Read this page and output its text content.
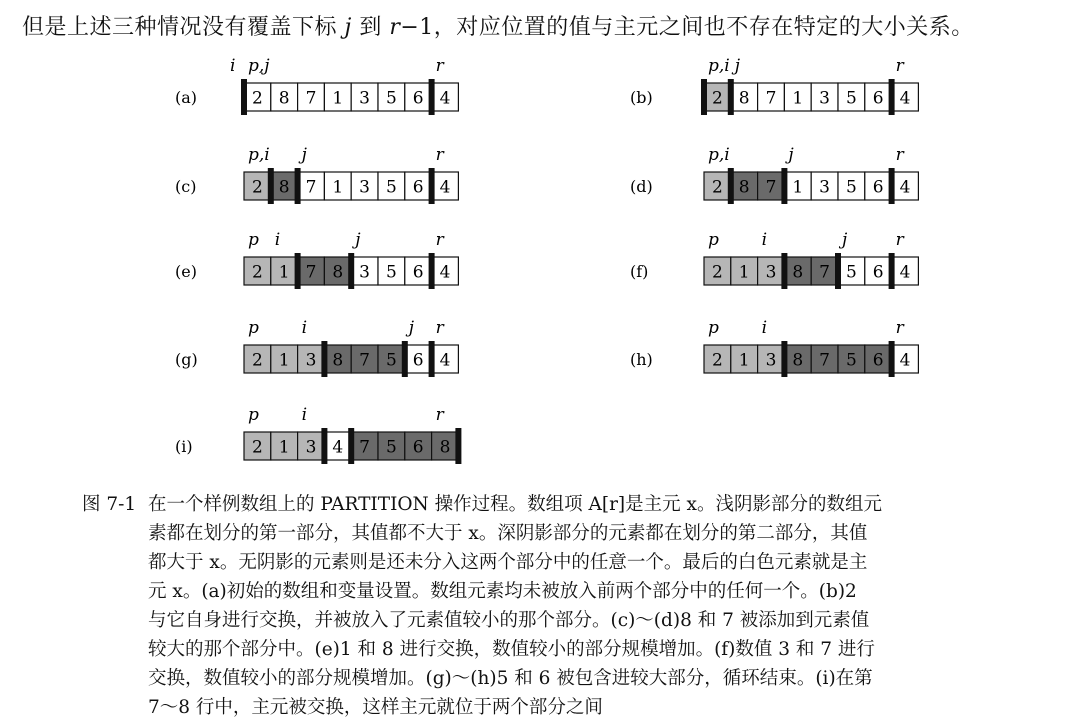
但是上述三种情况没有覆盖下标 j 到 r−1，对应位置的值与主元之间也不存在特定的大小关系。
(a)	2 8 7 1 3 5 6 4
i p,j	r
(b)	2 8 7 1 3 5 6 4
p,i j	r
(c)	2 8 7 1 3 5 6 4
p,i j	r
(d)	2 8 7 1 3 5 6 4
p,i	j	r
(e)	2 1 7 8 3 5 6 4
p i	j	r
(f)	2 1 3 8 7 5 6 4
p	i	j	r
(g)	2 1 3 8 7 5 6 4
p	i	j r
(h)	2 1 3 8 7 5 6 4
p	i	r
(i)	2 1 3 4 7 5 6 8
p	i	r
图 7-1 在一个样例数组上的 PARTITION 操作过程。数组项 A[r]是主元 x。浅阴影部分的数组元

素都在划分的第一部分，其值都不大于 x。深阴影部分的元素都在划分的第二部分，其值

都大于 x。无阴影的元素则是还未分入这两个部分中的任意一个。最后的白色元素就是主

元 x。(a)初始的数组和变量设置。数组元素均未被放入前两个部分中的任何一个。(b)2

与它自身进行交换，并被放入了元素值较小的那个部分。(c)～(d)8 和 7 被添加到元素值

较大的那个部分中。(e)1 和 8 进行交换，数值较小的部分规模增加。(f)数值 3 和 7 进行

交换，数值较小的部分规模增加。(g)～(h)5 和 6 被包含进较大部分，循环结束。(i)在第

7～8 行中，主元被交换，这样主元就位于两个部分之间
